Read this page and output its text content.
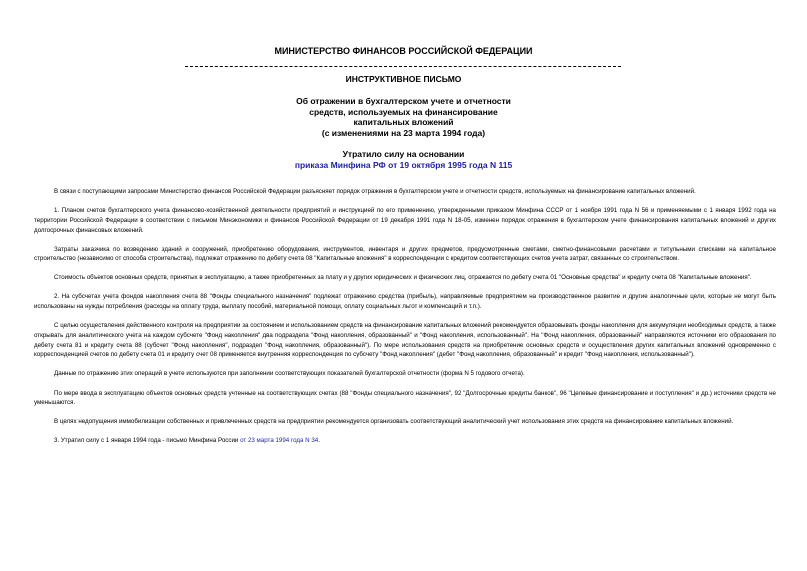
МИНИСТЕРСТВО ФИНАНСОВ РОССИЙСКОЙ ФЕДЕРАЦИИ
ИНСТРУКТИВНОЕ ПИСЬМО
Об отражении в бухгалтерском учете и отчетности
средств, используемых на финансирование
капитальных вложений
(с изменениями на 23 марта 1994 года)
Утратило силу на основании
приказа Минфина РФ от 19 октября 1995 года N 115

В связи с поступающими запросами Министерство финансов Российской Федерации разъясняет порядок отражения в бухгалтерском учете и отчетности средств, используемых на финансирование капитальных вложений.

1. Планом счетов бухгалтерского учета финансово-хозяйственной деятельности предприятий и инструкцией по его применению, утвержденными приказом Минфина СССР от 1 ноября 1991 года N 56 и применяемыми с 1 января 1992 года на территории Российской Федерации в соответствии с письмом Минэкономики и финансов Российской Федерации от 19 декабря 1991 года N 18-05, изменен порядок отражения в бухгалтерском учете финансирования капитальных вложений и других долгосрочных финансовых вложений.

Затраты заказчика по возведению зданий и сооружений, приобретению оборудования, инструментов, инвентаря и других предметов, предусмотренные сметами, сметно-финансовыми расчетами и титульными списками на капитальное строительство (независимо от способа строительства), подлежат отражению по дебету счета 08 "Капитальные вложения" в корреспонденции с кредитом соответствующих счетов учета затрат, связанных со строительством.

Стоимость объектов основных средств, принятых в эксплуатацию, а также приобретенных за плату и у других юридических и физических лиц, отражается по дебету счета 01 "Основные средства" и кредиту счета 08 "Капитальные вложения".

2. На субсчетах учета фондов накопления счета 88 "Фонды специального назначения" подлежат отражению средства (прибыль), направляемые предприятием на производственное развитие и другие аналогичные цели, которые не могут быть использованы на нужды потребления (расходы на оплату труда, выплату пособий, материальной помощи, оплату социальных льгот и компенсаций и т.п.).

С целью осуществления действенного контроля на предприятии за состоянием и использованием средств на финансирование капитальных вложений рекомендуется образовывать фонды накопления для аккумуляции необходимых средств, а также открывать для аналитического учета на каждом субсчете "Фонд накопления" два подраздела "Фонд накопления, образованный" и "Фонд накопления, использованный". На "Фонд накопления, образованный" направляются источники его образования по дебету счета 81 и кредиту счета 88 (субсчет "Фонд накопления", подраздел "Фонд накопления, образованный"). По мере использования средств на приобретение основных средств и осуществления других капитальных вложений одновременно с корреспонденцией счетов по дебету счета 01 и кредиту счет 08 применяется внутренняя корреспонденция по субсчету "Фонд накопления" (дебет "Фонд накопления, образованный" и кредит "Фонд накопления, использованный").

Данные по отражению этих операций в учете используются при заполнении соответствующих показателей бухгалтерской отчетности (форма N 5 годового отчета).

По мере ввода в эксплуатацию объектов основных средств учтенные на соответствующих счетах (88 "Фонды специального назначения", 92 "Долгосрочные кредиты банков", 96 "Целевые финансирование и поступления" и др.) источники средств не уменьшаются.

В целях недопущения иммобилизации собственных и привлеченных средств на предприятии рекомендуется организовать соответствующий аналитический учет использования этих средств на финансирование капитальных вложений.

3. Утратил силу с 1 января 1994 года - письмо Минфина России от 23 марта 1994 года N 34.
